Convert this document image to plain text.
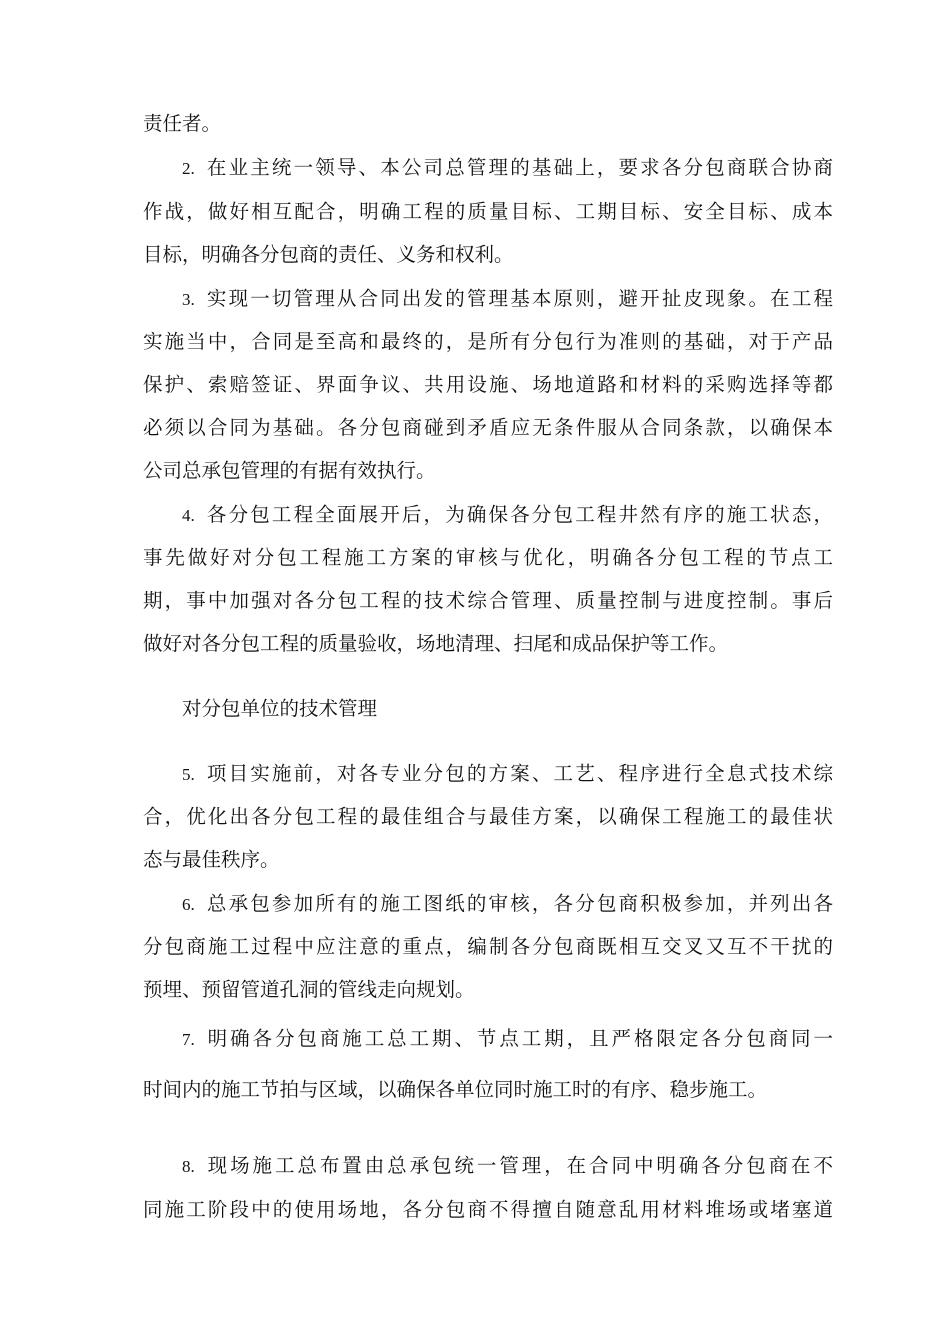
责任者。
2. 在业主统一领导、本公司总管理的基础上，要求各分包商联合协商
作战，做好相互配合，明确工程的质量目标、工期目标、安全目标、成本
目标，明确各分包商的责任、义务和权利。
3. 实现一切管理从合同出发的管理基本原则，避开扯皮现象。在工程
实施当中，合同是至高和最终的，是所有分包行为准则的基础，对于产品
保护、索赔签证、界面争议、共用设施、场地道路和材料的采购选择等都
必须以合同为基础。各分包商碰到矛盾应无条件服从合同条款，以确保本
公司总承包管理的有据有效执行。
4. 各分包工程全面展开后，为确保各分包工程井然有序的施工状态，
事先做好对分包工程施工方案的审核与优化，明确各分包工程的节点工
期，事中加强对各分包工程的技术综合管理、质量控制与进度控制。事后
做好对各分包工程的质量验收，场地清理、扫尾和成品保护等工作。
对分包单位的技术管理
5. 项目实施前，对各专业分包的方案、工艺、程序进行全息式技术综
合，优化出各分包工程的最佳组合与最佳方案，以确保工程施工的最佳状
态与最佳秩序。
6. 总承包参加所有的施工图纸的审核，各分包商积极参加，并列出各
分包商施工过程中应注意的重点，编制各分包商既相互交叉又互不干扰的
预埋、预留管道孔洞的管线走向规划。
7. 明确各分包商施工总工期、节点工期，且严格限定各分包商同一
时间内的施工节拍与区域，以确保各单位同时施工时的有序、稳步施工。
8. 现场施工总布置由总承包统一管理，在合同中明确各分包商在不
同施工阶段中的使用场地，各分包商不得擅自随意乱用材料堆场或堵塞道
